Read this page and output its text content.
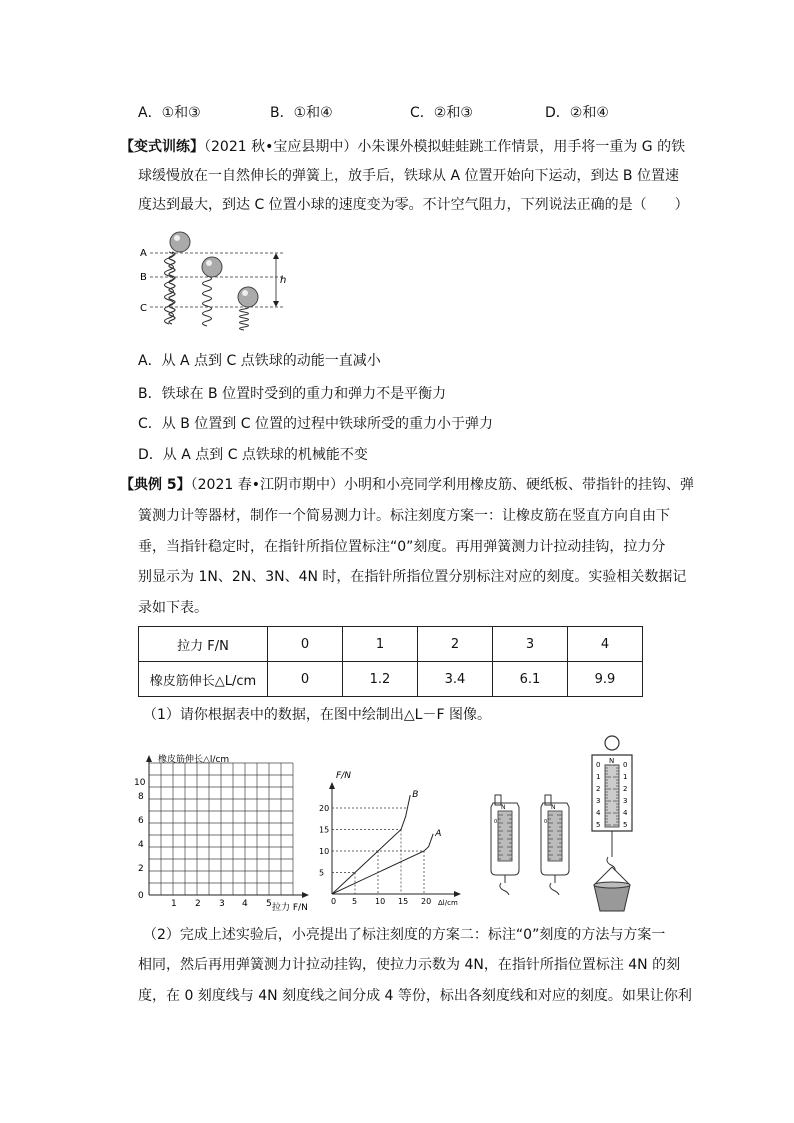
A．①和③	B．①和④	C．②和③	D．②和④
【变式训练】（2021 秋•宝应县期中）小朱课外模拟蛙蛙跳工作情景，用手将一重为 G 的铁
球缓慢放在一自然伸长的弹簧上，放手后，铁球从 A 位置开始向下运动，到达 B 位置速
度达到最大，到达 C 位置小球的速度变为零。不计空气阻力，下列说法正确的是（　　）
A
B
C
h
A．从 A 点到 C 点铁球的动能一直减小
B．铁球在 B 位置时受到的重力和弹力不是平衡力
C．从 B 位置到 C 位置的过程中铁球所受的重力小于弹力
D．从 A 点到 C 点铁球的机械能不变
【典例 5】（2021 春•江阴市期中）小明和小亮同学利用橡皮筋、硬纸板、带指针的挂钩、弹
簧测力计等器材，制作一个简易测力计。标注刻度方案一：让橡皮筋在竖直方向自由下
垂，当指针稳定时，在指针所指位置标注“0”刻度。再用弹簧测力计拉动挂钩，拉力分
别显示为 1N、2N、3N、4N 时，在指针所指位置分别标注对应的刻度。实验相关数据记
录如下表。
拉力 F/N	0	1	2	3	4
橡皮筋伸长△L/cm	0	1.2	3.4	6.1	9.9
（1）请你根据表中的数据，在图中绘制出△L－F 图像。
橡皮筋伸长△l/cm
0
2
4
6
8
10
1 2 3 4 5 拉力 F/N
F/N
Δl/cm
0 5 10 15 20
5
10
15
20
A
B
N
0
N
0
N
0
1
2
3
4
5
0
1
2
3
4
5
（2）完成上述实验后，小亮提出了标注刻度的方案二：标注“0”刻度的方法与方案一
相同，然后再用弹簧测力计拉动挂钩，使拉力示数为 4N，在指针所指位置标注 4N 的刻
度，在 0 刻度线与 4N 刻度线之间分成 4 等份，标出各刻度线和对应的刻度。如果让你利
